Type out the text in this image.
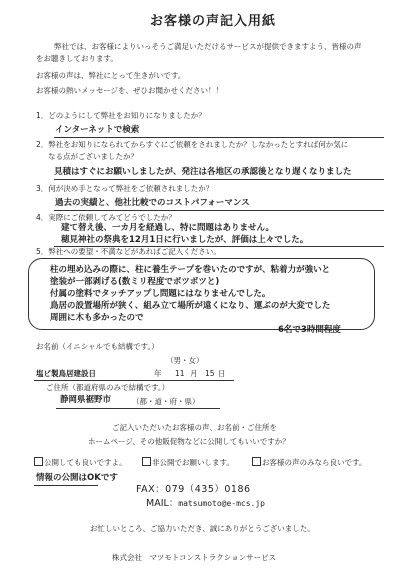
お客様の声記入用紙
弊社では、お客様によりいっそうご満足いただけるサービスが提供できますよう、皆様の声
をお聴きしております。
お客様の声は、弊社にとって生きがいです。
お客様の熱いメッセージを、ぜひお聞かせください！！
1．どのようにして弊社をお知りになりましたか？
インターネットで検索
2．弊社をお知りになられてからすぐにご依頼をされましたか？しなかったとすれば何か気に
なる点がございましたか？
見積はすぐにお願いしましたが、発注は各地区の承認後となり遅くなりました
3．何が決め手となって弊社をご依頼されましたか？
過去の実績と、他社比較でのコストパフォーマンス
4．実際にご依頼してみてどうでしたか？
建て替え後、一カ月を経過し、特に問題はありません。
穂見神社の祭典を12月1日に行いましたが、評価は上々でした。
5．弊社への要望・不満などがあればご記入ください。
柱の埋め込みの際に、柱に養生テープを巻いたのですが、粘着力が強いと
塗装が一部剥げる(数ミリ程度でポツポツと)
付属の塗料でタッチアップし問題にはなりませんでした。
鳥居の設置場所が狭く、組み立て場所が遠くになり、運ぶのが大変でした
周囲に木も多かったので
6名で3時間程度
お名前（イニシャルでも結構です。）
（男・女）
塩ビ製鳥居建設日	年 11 月 15 日
ご住所（都道府県のみで結構です。）
静岡県裾野市	（都・道・府・県）
ご記入いただいたお客様の声、お名前・ご住所を
ホームページ、その他販促物などに公開してもいいですか？
公開しても良いですよ。	非公開でお願いします。	お客様の声のみなら良いです。
情報の公開はOKです
FAX：079（435）0186
MAIL：matsumoto@e-mcs.jp
お忙しいところ、ご協力いただき、誠にありがとうございました。
株式会社　マツモトコンストラクションサービス
